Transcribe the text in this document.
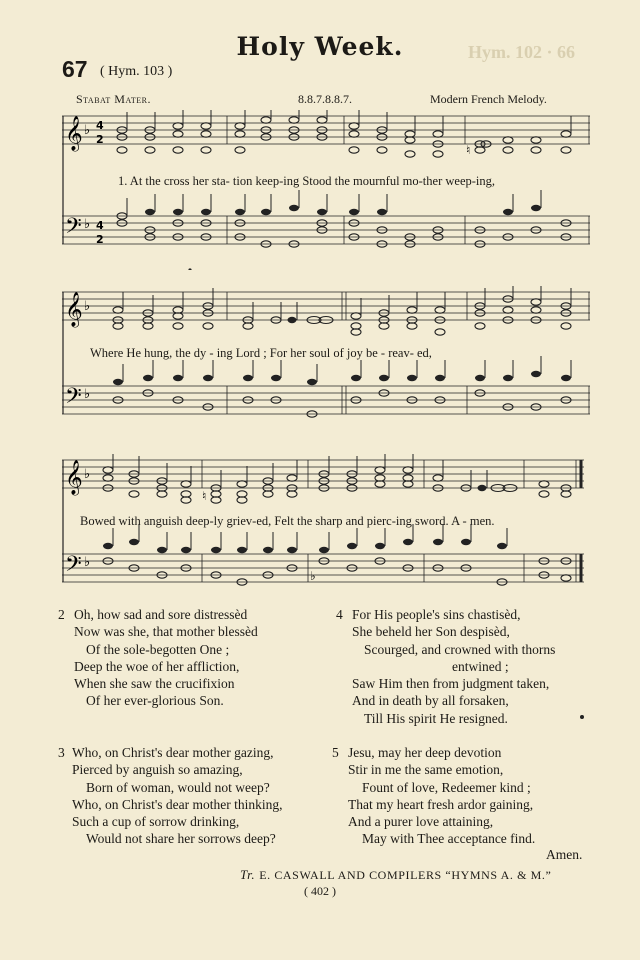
Hym. 102 · 66
Holy Week.
67 ( Hym. 103 )
Stabat Mater.	8.8.7.8.8.7.	Modern French Melody.
𝄞
𝄢
♭
♭
4
2
4
2
♮
1. At the cross her sta- tion keep-ing Stood the mournful mo-ther weep-ing,
𝄞
𝄢
♭
♭
Where He hung, the dy - ing Lord ; For her soul of joy be - reav- ed,
𝄞
𝄢
♭
♭
♮
♭
Bowed with anguish deep-ly griev-ed, Felt the sharp and pierc-ing sword. A - men.
2 Oh, how sad and sore distressèd
Now was she, that mother blessèd
Of the sole-begotten One ;
Deep the woe of her affliction,
When she saw the crucifixion
Of her ever-glorious Son.
4 For His people's sins chastisèd,
She beheld her Son despisèd,
Scourged, and crowned with thorns
entwined ;
Saw Him then from judgment taken,
And in death by all forsaken,
Till His spirit He resigned.
3 Who, on Christ's dear mother gazing,
Pierced by anguish so amazing,
Born of woman, would not weep?
Who, on Christ's dear mother thinking,
Such a cup of sorrow drinking,
Would not share her sorrows deep?
5 Jesu, may her deep devotion
Stir in me the same emotion,
Fount of love, Redeemer kind ;
That my heart fresh ardor gaining,
And a purer love attaining,
May with Thee acceptance find.
Amen.
Tr. E. CASWALL AND COMPILERS “HYMNS A. & M.”
( 402 )
